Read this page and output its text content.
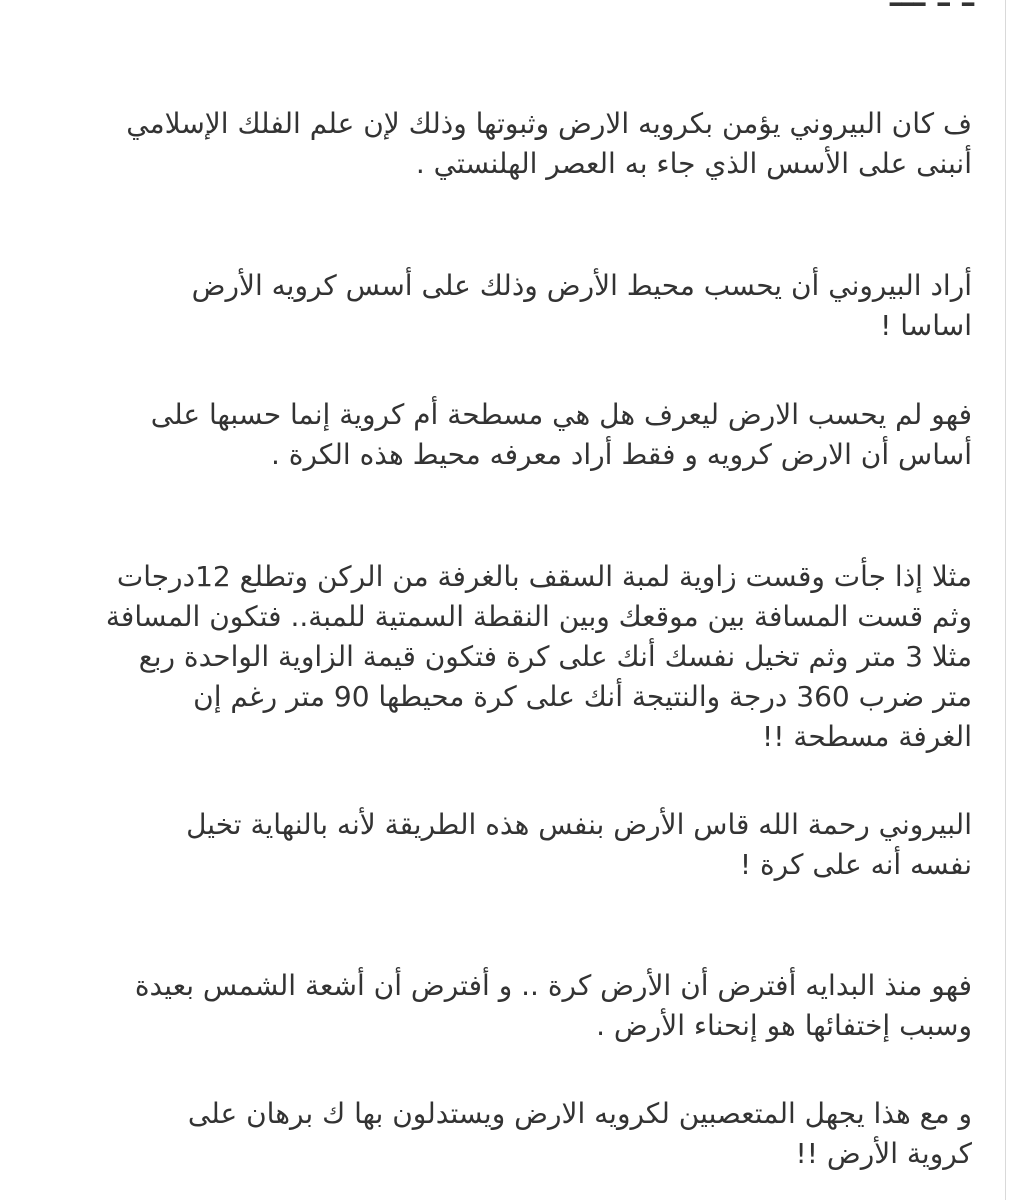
ف كان البيروني يؤمن بكرويه الارض وثبوتها وذلك لإن علم الفلك الإسلامي
أنبنى على الأسس الذي جاء به العصر الهلنستي .
أراد البيروني أن يحسب محيط الأرض وذلك على أسس كرويه الأرض
اساسا !
فهو لم يحسب الارض ليعرف هل هي مسطحة أم كروية إنما حسبها على
أساس أن الارض كرويه و فقط أراد معرفه محيط هذه الكرة .
مثلا إذا جأت وقست زاوية لمبة السقف بالغرفة من الركن وتطلع 12درجات
وثم قست المسافة بين موقعك وبين النقطة السمتية للمبة.. فتكون المسافة
مثلا 3 متر وثم تخيل نفسك أنك على كرة فتكون قيمة الزاوية الواحدة ربع
متر ضرب 360 درجة والنتيجة أنك على كرة محيطها 90 متر رغم إن
الغرفة مسطحة !!
البيروني رحمة الله قاس الأرض بنفس هذه الطريقة لأنه بالنهاية تخيل
نفسه أنه على كرة !
فهو منذ البدايه أفترض أن الأرض كرة .. و أفترض أن أشعة الشمس بعيدة
وسبب إختفائها هو إنحناء الأرض .
و مع هذا يجهل المتعصبين لكرويه الارض ويستدلون بها ك برهان على
كروية الأرض !!
